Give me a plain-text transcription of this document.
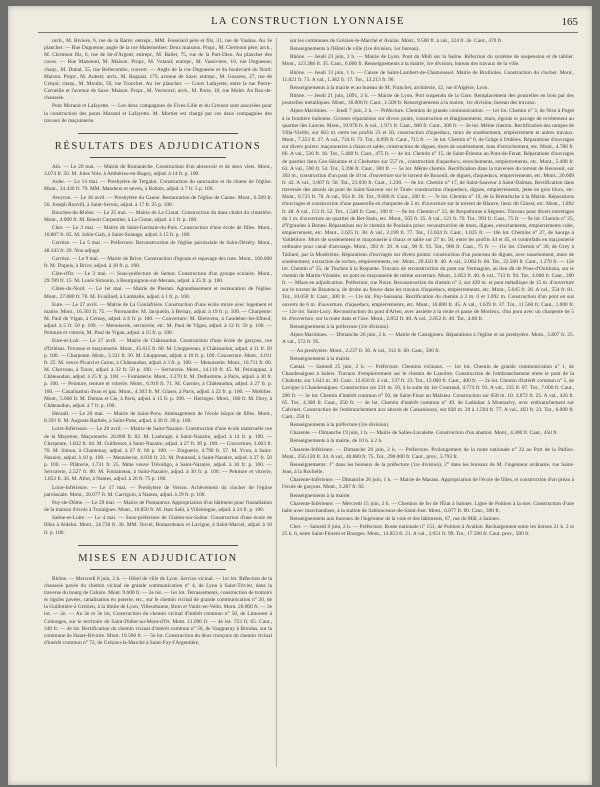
LA CONSTRUCTION LYONNAISE	165

orch., M. Riviere, 6, rue de la Barre; entrepr., MM. Fesselard père et fils, 31, rue de Vaubas. Au 3e plancher. — Rue Duguesne, angle de la rue Malesherbes: Deux maisons. Propr., M. Clermont père; arch., M. Clermont fils, 6, rue de Ist-d'Argent; entrepr., M. Ballet, 75, rue de la Part-Dieu. Au plancher des caves. — Rue Mazenod, M. Maison. Propr., M. Voland; entrepr., M. Vassiviere, 16, rue Duguesne; charp., M. Dubal, 55, rue Bellecombe, couvert. — Angle de la rue Duguesne et du boulevard du Nord: Maison. Propr., M. Aubert; arch., M. Roguiat, 179, avenue de Saxe; entrepr., M. Gossens, 27, rue de Créqui; charp., M. Moulin, 50, rue Tronchet. Au 1er plancher. — Cours Lafayette, entre la rue Pierre-Corneille et l'avenue de Saxe: Maison. Propr., M. Vermorel; arch., M. Porte, 18, rue Molet. Au Rez-de-chaussée.

Pont Morand et Lafayette. — Les deux compagnies de Fives-Lille et du Creusot sont associées pour la construction des ponts Morand et Lafayette. M. Mortier est chargé par ces deux compagnies des travaux de maçonnerie.

RÉSULTATS DES ADJUDICATIONS

Ain. — Le 20 mai. — Mairie de Romanèche. Construction d'un abreuvoir et de deux viets. Mont., 3.074 fr. 56. M. Jules Voie, à Ambérieu-en-Bugey, adjud. à 14 fr. p. 100.

Aube. — Le 14 mai. — Presbytère de Tergalot. Construction du sanctuaire et du chœur de l'église. Mont., 34.430 fr. 79. MM. Mandeux et neveu, à Bobois, adjud. à 7 fr. 5 p. 100.

Aveyron. — Le 18 avril. — Presbytère du Caune. Restauration de l'église de Caune. Mont., 6.589 fr. 56. Joseph Rouvill, à Saint-Sernin, adjud. à 17 fr. 25 p. 100.

Bouches-du-Rhône. — Le 25 mai. — Mairie de La Ciotat. Construction du dans chalet du cimetière. Mont., 4.000 fr. M. Benoit Carpentier, à La Ciotat, adjud. à 1 fr. p. 100.

Cher. — Le 3 mai. — Mairie de Saint-Germain-du-Puis. Construction d'une école de filles. Mont., 16.867 fr. 85. M. Jobin-Galy, à Saint-Solange, adjud. à 15 fr. p. 100.

Corrèze. — Le 5 mai. — Préfecture. Reconstruction de l'église paroissiale de Saint-Dézéry. Mont., 48.343 fr. 20. Non adjugé.

Corrèze. — Le 9 mai. — Mairie de Brive. Construction d'égouts et repavage des rues. Mont., 160.000 fr. M. Dupuis, à Brive, adjud. à 18 fr. p. 100.

Côte-d'Or. — Le 3 mai. — Sous-préfecture de Semur. Construction d'un groupe scolaire. Mont., 29.789 fr. 15. M. Louis Simonin, à Bourguignon-sur-Merans, adjud. à 25 fr. p. 100.

Côtes-du-Nord. — Le 1er mai. — Mairie de Plestan. Agrandissement et restauration de l'église. Mont., 27.080 fr. 78. M. Evaillard, à Lamballe, adjud. à 1 fr. p. 100.

Eure. — Le 27 avril. — Mairie de La Goulafrière. Construction d'une école mixte avec logement et mairie. Mont., 16.303 fr. 75. — Normandie: M. Jacquelin, à Bernay, adjud. à 19 fr. p. 100. — Charpente: M. Paul de Vigan, à Cernay, adjud. à 8 fr. p. 100. — Couverture: M. Bienvenu, à Caudebec-les-Elbeuf, adjud. à 5 fr. 50 p. 100. — Menuiserie, serrurerie, etc. M. Paul de Vigan, adjud. à 12 fr. 50 p. 100. — Peinture et vitrerie, M. Paul de Vigan, adjud. à 15 fr. p. 100.

Eure-et-Loir. — Le 27 avril. — Mairie de Châteaudun. Construction d'une école de garçons, rue d'Orléans. Terrasse et maçonnerie. Mont., 45.615 fr. 60. M. Lhuppereau, à Châteaudun, adjud. à 11 fr. 50 p. 100. — Charpente. Mont., 3.321 fr. 30. M. Lhuppreau, adjud. à 10 fr. p. 100. Couverture. Mont., 4.011 fr. 25. M. veuve Picard et Caron, à Châteaudun, adjud. à 3 fr. p. 100. — Menuiserie. Mont., 10.711 fr. 80. M. Cherveau, à Tours, adjud. à 32 fr. 50 p. 100. — Serrurerie. Mont., 14.110 fr. 45. M. Peinlappaz, à Châteaudun, adjud. à 25 fr. p. 100. — Fumisterie. Mont., 3.270 fr. M. Delhomme, à Paris, adjud. à 30 fr. p. 100. — Peinture, tenture et vitrerie. Mont., 6.910 fr. 71. M. Garnier, à Châteaudun, adjud. à 27 fr. p. 100. — Canalisation d'eau et gaz. Mont., 4.303 fr. M. Glaser, à Paris, adjud. à 22 fr. p. 100. — Mobilier. Mont., 5.666 fr. M. Dumas et Cie, à Paris, adjud. à 15 fr. p. 100. — Horloges. Mont., 180 fr. M. Dory, à Châteaudun, adjud. à 7 fr. p. 100.

Hérault. — Le 20 mai. — Mairie de Saint-Pons. Aménagement de l'école laïque de filles. Mont., 6.393 fr. M. Auguste Barthès, à Saint-Pons, adjud. à 30 fr. 20 p. 100.

Loire-Inférieure. — Le 20 avril. — Mairie de Saint-Nazaire. Construction d'une école maternelle rue de la Mayenne, Maçonnerie. 26.806 fr. 82. M. Laubrage, à Saint-Nazaire, adjud. à 14 fr. p. 100. — Charpente, 1.832 fr. 64. M. Guillemot, à Saint-Nazaire, adjud. à 27 fr. 30 p. 100. — Couverture, 3.063 fr. 70. M. Simon, à Chantenay, adjud. à 27 fr. 60 p. 100. — Zinguerie, 4.790 fr. 57. M. Yvon, à Saint-Nazaire, adjud. à 10 p. 100. — Menuiserie, 4.036 fr. 23. M. Prautaud, à Saint-Nazaire, adjud. à 27 fr. 50 p. 100. — Plâtrerie, 1.731 fr. 25. Mme veuve Trévaligo, à Saint-Nazaire, adjud. à 30 fr. p. 100. — Serrurerie, 2.527 fr. 80. M. Fontaineau, à Saint-Nazaire, adjud. à 30 fr. p. 100. — Peinture et vitrerie, 1.853 fr. 36. M. Allot, à Nantes, adjud. à 20 fr. 75 p. 100.

Loire-Inférieure. — Le 17 mai. — Presbytère de Vertou. Achèvement du clocher de l'église paroissiale. Mont., 20.677 fr. M. Carrigoin, à Nantes, adjud. à 29 fr. p. 100.

Puy-de-Dôme. — Le 29 mai. — Mairie de Pontaumur. Appropriation d'un bâtiment pour l'installation de la maison d'école à Trolaigues. Mont., 10.850 fr. M. Jean Sabi, à Villelongue, adjud. à 24 fr. p. 100.

Saône-et-Loire. — Le 4 mai. — Sous-préfecture de Chalon-sur-Saône. Construction d'une école de filles à Aldelot. Mont., 24.730 fr. 36. MM. Tercel, Bonnardeaux et Lavigne, à Saint-Marcel, adjud. à 10 fr. p. 100.

MISES EN ADJUDICATION

Rhône. — Mercredi 8 juin, 2 h. — Hôtel de ville de Lyon. Service vicinal. — 1er lot. Réfection de la chaussée pavée du chemin vicinal de grande communication n° 4, de Lyon à Saint-Trivier, dans la traverse du bourg de Caluire. Mont. 9.600 fr. — 2e lot. — 1er lot. Terrassements, construction de trottoirs et rigoles pavées, canalisation en poterie, etc., sur le chemin vicinal de grande communication n° 20, de la Guillotière à Grézieu, à la limite de Lyon, Villeurbanne, Bron et Vaulx-en-Velin. Mont. 20.000 fr. — 3e lot. — 2e. — Au 2e et 3e lot, Construction du chemin vicinal d'intérêt commun n° 58, de Limonest à Collonges, sur le territoire de Saint-Didier-au-Mont-d'Or. Mont. 11.090 fr. — 4e lot. 723 fr. 65. Caut., 340 fr. — 4e lot. Rectification du chemin vicinal d'intérêt commun n° 56, de Vaugneray à Brindas, sur la commune de Haute-Rivoire. Mont. 10.500 fr. — 5e lot. Construction du deux tronçons du chemin vicinal d'intérêt commun n° 72, de Grézieu-la-Marché à Saint-Foy-l'Argentière,

sur les communes de Grézieu-le-Marché et Avaize. Mont., 9.500 fr. à val., 224 fr. 2e. Caut., 470 fr.

Renseignements à l'Hôtel de ville (1re division, 1er bureau).

Rhône. — Jeudi 23 juin, 2 h. — Mairie de Lyon. Pont du Midi sur la Saône. Réfection du système de suspension et de tablier. Mont., 123.386 fr. 35. Caut., 6.000 fr. Renseignements à la mairie, 1re division, bureau des travaux de la ville.

Rhône. — Jeudi 13 juin, 1 h. — Caisse de Saint-Lambert-de-Chamoussel. Mairie de Brullioles. Construction du clocher. Mont., 11.821 fr. 73. A val., 1.382 fr. 17. Tot., 13.213 fr. 90.

Renseignements à la mairie et au bureau de M. Franchet, architecte, 12, rue d'Algérie, Lyon.

Rhône. — Jeudi 21 juin, 1891, 2 h. — Mairie de Lyon. Port suspendu de la Gare. Remplacement des poutrelles en bois par des poutrelles métalliques. Mont., 36.000 fr. Caut., 1.500 fr. Renseignements à la mairie, 1re division, bureau des travaux.

Alpes-Maritimes. — Jeudi 7 juin, 2 h. — Préfecture. Chemins de grande communication. — 1er lot. Chemin n° 3, de Nice à Puget à la frontière italienne. Grosses réparations sur divers ponts, construction et élargissements, murs, égouts et pavage de revêtement au quartier des Lauves. Mont., 10.970 fr. A val., 1.971 fr. Caut., 600 fr. Caut., 300 fr. — 2e lot. Même chemin. Rectification des rampes de Villa-Vieille, sur 663 m. entre les profils 23 et 50, construction d'aqueducs, murs de soutènement, empierrement et autres travaux. Mont., 7.353 fr. 27. A val., 734 fr. 73. Tot., 8.099 fr. Caut., 715 fr. — 3e lot. Chemin n° 6, de Grâge à Ordères. Réparations d'ouvrages sur divers points: maçonneries à chaux et sable, construction de digues, murs de soutènement, tous d'enrochement, etc. Mont., 4.786 fr. 86. A val., 536 fr. 18. Tot., 5.408 fr. Caut., 475 fr. — 4e lot. Chemin n° 15, de Saint-Étienne au Pont-de-Fenat. Réparations d'ouvrages de quartier dans Ceo-Sézanne et à Chebottes sur 557 m., construction d'aqueducs, enrochements, empierrements, etc. Mont., 5.408 fr. 63. A val., 590 fr. 54. Tot., 5.398 fr. Caut., 300 fr. — 5e lot. Même chemin. Rectification dans la traversée du torrent de Beuxeuil, sur 303 m., construction d'un pont de 10 m. d'ouverture sur le torrent de Buxeuil, de digues, d'aqueducs, empierrements, etc. Mont., 20.609 fr. 42. A val., 3.007 fr. 58. Tot., 23.030 fr. Caut., 1.230. — 6e lot. Chemin n° 17, de Saint-Sauveur à Saint-Dalmas. Rectification dans traversée des abords du pont de Saint-Sauveur sur le Tinée: construction d'aqueducs, digues, empierrements, jetée en gros blocs, etc. Mont., 8.725 fr. 70. A val., 954 fr. 30. Tot., 9.680 fr. Caut., 200 fr. — 7e lot. Chemin n° 19, de la Bréménche à la Mairie. Réparations d'ouvrages et construction d'une passerelle en charpente de 5 m. d'ouverture sur le torrent de Blauve, lieux dit Ginest, etc. Mont., 1.892 fr. 48. A val., 151 fr. 52. Tot., 1.540 fr. Caut., 100 fr. — 8e lot. Chemin n° 22, de Roquebrune à Ségrens. Travaux pour divers entrelages du 1 m. d'ouverture au quartier de Bet-Stain, etc. Mont., 565 fr. 25. A val., 121 fr. 70. Tot., 993 fr. Caut., 75 fr. — 9e lot. Chemin n° 25, d'Ygrandes à Bonne. Réparations sur le chemin de Poulains prise: reconstruction de murs, digues, enrochements, empierrements cube, empierrement, etc. Mont., 3.625 fr. 38. A val., 2.199 fr. 77. Tot., 13.024 fr. Caut., 1.025 fr. — 10e lot. Chemins n° 27, de Saorge à Valdeblore. Murs de soutènement et maçonnerie à chaux et sable sur 27 m. 50, entre les profils 44 et 45, et contrefaits en maçonnerie ordinaire pour canal d'arrosage. Mont., 393 fr. 39. A val., 90 fr. 93. Tot., 900 fr. Caut., 75 fr. — 11e lot. Chemin n° 30, de Grey à Taillaré, par la Modériène. Réparations d'ouvrages sur divers points: construction d'un ponceau de digues, avec tassehoment, murs de soutènement, extraction de roches, empierrements, etc. Mont., 20.450 fr. 40. A val., 2.064 fr. 60. Tot., 22.500 fr. Caut., 1.270 fr. — 12e lot. Chemin n° 35, de Tinchen à la Roquette. Travaux de reconstruction du pont sur Vermaguie, au lieu dit de Pous-d'Ouldrana, sur le chemin de Martin-Vésubie, un pont en maçonnerie de même ouverture. Mont., 2.852 fr. 40. A val., 713 fr. 94. Tot., 4.060 fr. Caut., 200 fr. — Mises en adjudication. Préfecture, rue Noire. Reconstruction du chemin n° 2, sur 420 m. et pont métallique de 15 m. d'ouverture sur le torrent de Bisatenca, de droite au fleuve dans les travaux d'aqueducs, empierrements, etc. Mont., 5.045 fr. 26. A val., 554 fr. 81. Tot., 10.050 fr. Caut., 300 fr. — 11e lot. Puy-Saissana. Rectification du chemin à 2 m. 0 et 1.092 m. Construction d'un pont en sus ouverts de 6 m. d'ouverture, d'aqueducs, empierrements, etc. Mont., 10.800 fr. 45. A val., 1.629 fr. 37. Tot., 11.560 fr. Caut., 1.000 fr. — 12e lot. Saint-Lucy. Reconstruction du pont d'Arlen, avec assiette à la route et passe de Morieux, d'un pont avec un charpente de 5 m. d'ouverture, sur la route dans et l'axe. Mont., 2.852 fr. 40. A val., 2.852 fr. 40. Tot., 4.00 fr.

Renseignements à la préfecture (1re division).

Alpes-Maritimes. — Dimanche 26 juin, 2 h. — Mairie de Castagniers. Réparations à l'église et au presbytère. Mont., 5.807 fr. 25. A val., 572 fr. 95.

— Au presbytère. Mont., 2.237 fr. 30. A val., 312 fr. 60. Caut., 500 fr.

Renseignements à la mairie.

Cantal. — Samedi 25 juin, 2 h. — Préfecture. Chemins vicinaux. — 1er lot. Chemin de grande communication n° 1, de Chaudesaigues à Salers. Travaux d'empierrement sur le chemin de Lanobre. Construction de l'embranchement entre le pont de la Chabotte, sur 1.643 m. 30. Caut., 12.050 fr. à val., 137 fr. 23. Tot., 13.000 fr. Caut., 400 fr. — 2e lot. Chemin d'intérêt commun n° 5, de Lavigne à Chaudesaigues. Construction sur 231 m. 50, à la suite du 1er Courtaud, 4.774 fr. 93. A val., 235 fr. 07. Tot., 7.000 fr. Caut., 200 fr. — 3e lot. Chemin d'intérêt commun n° 50, de Saint-Flour au Malzieu. Construction sur 658 m. 10. 3.872 fr. 25. A val., 426 fr. 65. Tot., 4.300 fr. Caut., 250 fr. — 4e lot. Chemin d'intérêt commun n° 49, de Ladinhac à Montsalvy, avec embranchement sur Calvinet. Construction de l'embranchement aux abords de Cassaniouze, sur 820 m. 20 à 1.594 fr. 77. A val., 403 fr. 23. Tot., 6.000 fr. Caut., 250 fr.

Renseignements à la préfecture (1re division).

Charente. — Dimanche 19 juin, 1 h. — Mairie de Salles-Lavalette. Construction d'un abattoir. Mont., 4.300 fr. Caut., 450 fr.

Renseignements à la mairie, de 10 h. à 2 h.

Charente-Inférieure. — Dimanche 26 juin, 2 h. — Préfecture. Prolongement de la route nationale n° 22 au Port de la Pallice. Mont., 256.120 fr. 34. A val., 40.880 fr. 75. Tot., 298.000 fr. Caut., prov., 5.793 fr.

Renseignements: 1° dans les bureaux de la préfecture (1re division), 2° dans les bureaux de M. l'ingénieur ordinaire, rue Saint-Jean, à la Rochelle.

Charente-Inférieure. — Dimanche 26 juin, 1 h. — Mairie de Marans. Appropriation de l'école de filles, et construction d'un préau à l'école de garçons. Mont., 3.287 fr. 92.

Renseignements à la mairie.

Charente-Inférieure. — Mercredi 15 juin, 2 h. — Chemins de fer de l'État à Saintes. Ligne de Poitiers à la mer. Construction d'une halte avec marchandises, à la station de Sablonceaux-de-Saint-Just. Mont., 6.077 fr. 60. Caut., 300 fr.

Renseignements aux bureaux de l'ingénieur de la voie et des bâtiments, 67, rue du Mâl, à Saintes.

Cher. — Samedi 9 juin, 2 h. — Préfecture. Route nationale n° 151, de Poitiers à Avallon. Rechargement entre les bornes 21 k. 2 et 25 k. 6, entre Saint-Florent et Bourges. Mont., 14.853 fr. 21. A val., 3.051 fr. 99. Tot., 17.500 fr. Caut. prov., 500 fr.
